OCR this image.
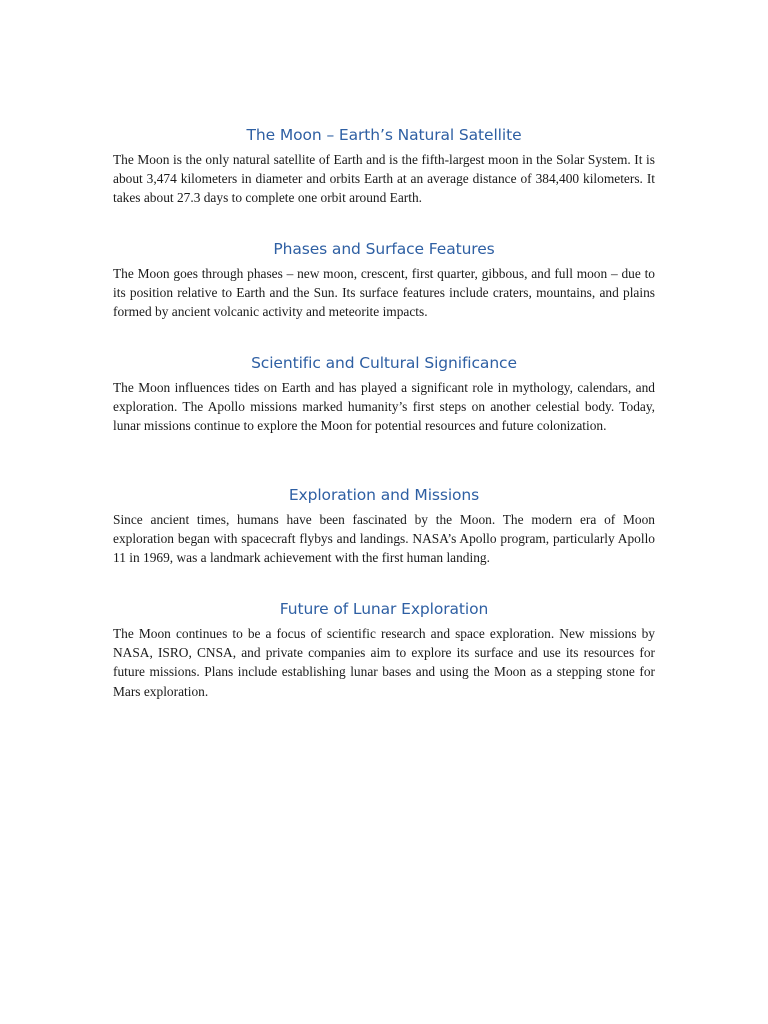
The Moon – Earth’s Natural Satellite

The Moon is the only natural satellite of Earth and is the fifth-largest moon in the Solar System. It is about 3,474 kilometers in diameter and orbits Earth at an average distance of 384,400 kilometers. It takes about 27.3 days to complete one orbit around Earth.

Phases and Surface Features

The Moon goes through phases – new moon, crescent, first quarter, gibbous, and full moon – due to its position relative to Earth and the Sun. Its surface features include craters, mountains, and plains formed by ancient volcanic activity and meteorite impacts.

Scientific and Cultural Significance

The Moon influences tides on Earth and has played a significant role in mythology, calendars, and exploration. The Apollo missions marked humanity’s first steps on another celestial body. Today, lunar missions continue to explore the Moon for potential resources and future colonization.

Exploration and Missions

Since ancient times, humans have been fascinated by the Moon. The modern era of Moon exploration began with spacecraft flybys and landings. NASA’s Apollo program, particularly Apollo 11 in 1969, was a landmark achievement with the first human landing.

Future of Lunar Exploration

The Moon continues to be a focus of scientific research and space exploration. New missions by NASA, ISRO, CNSA, and private companies aim to explore its surface and use its resources for future missions. Plans include establishing lunar bases and using the Moon as a stepping stone for Mars exploration.
